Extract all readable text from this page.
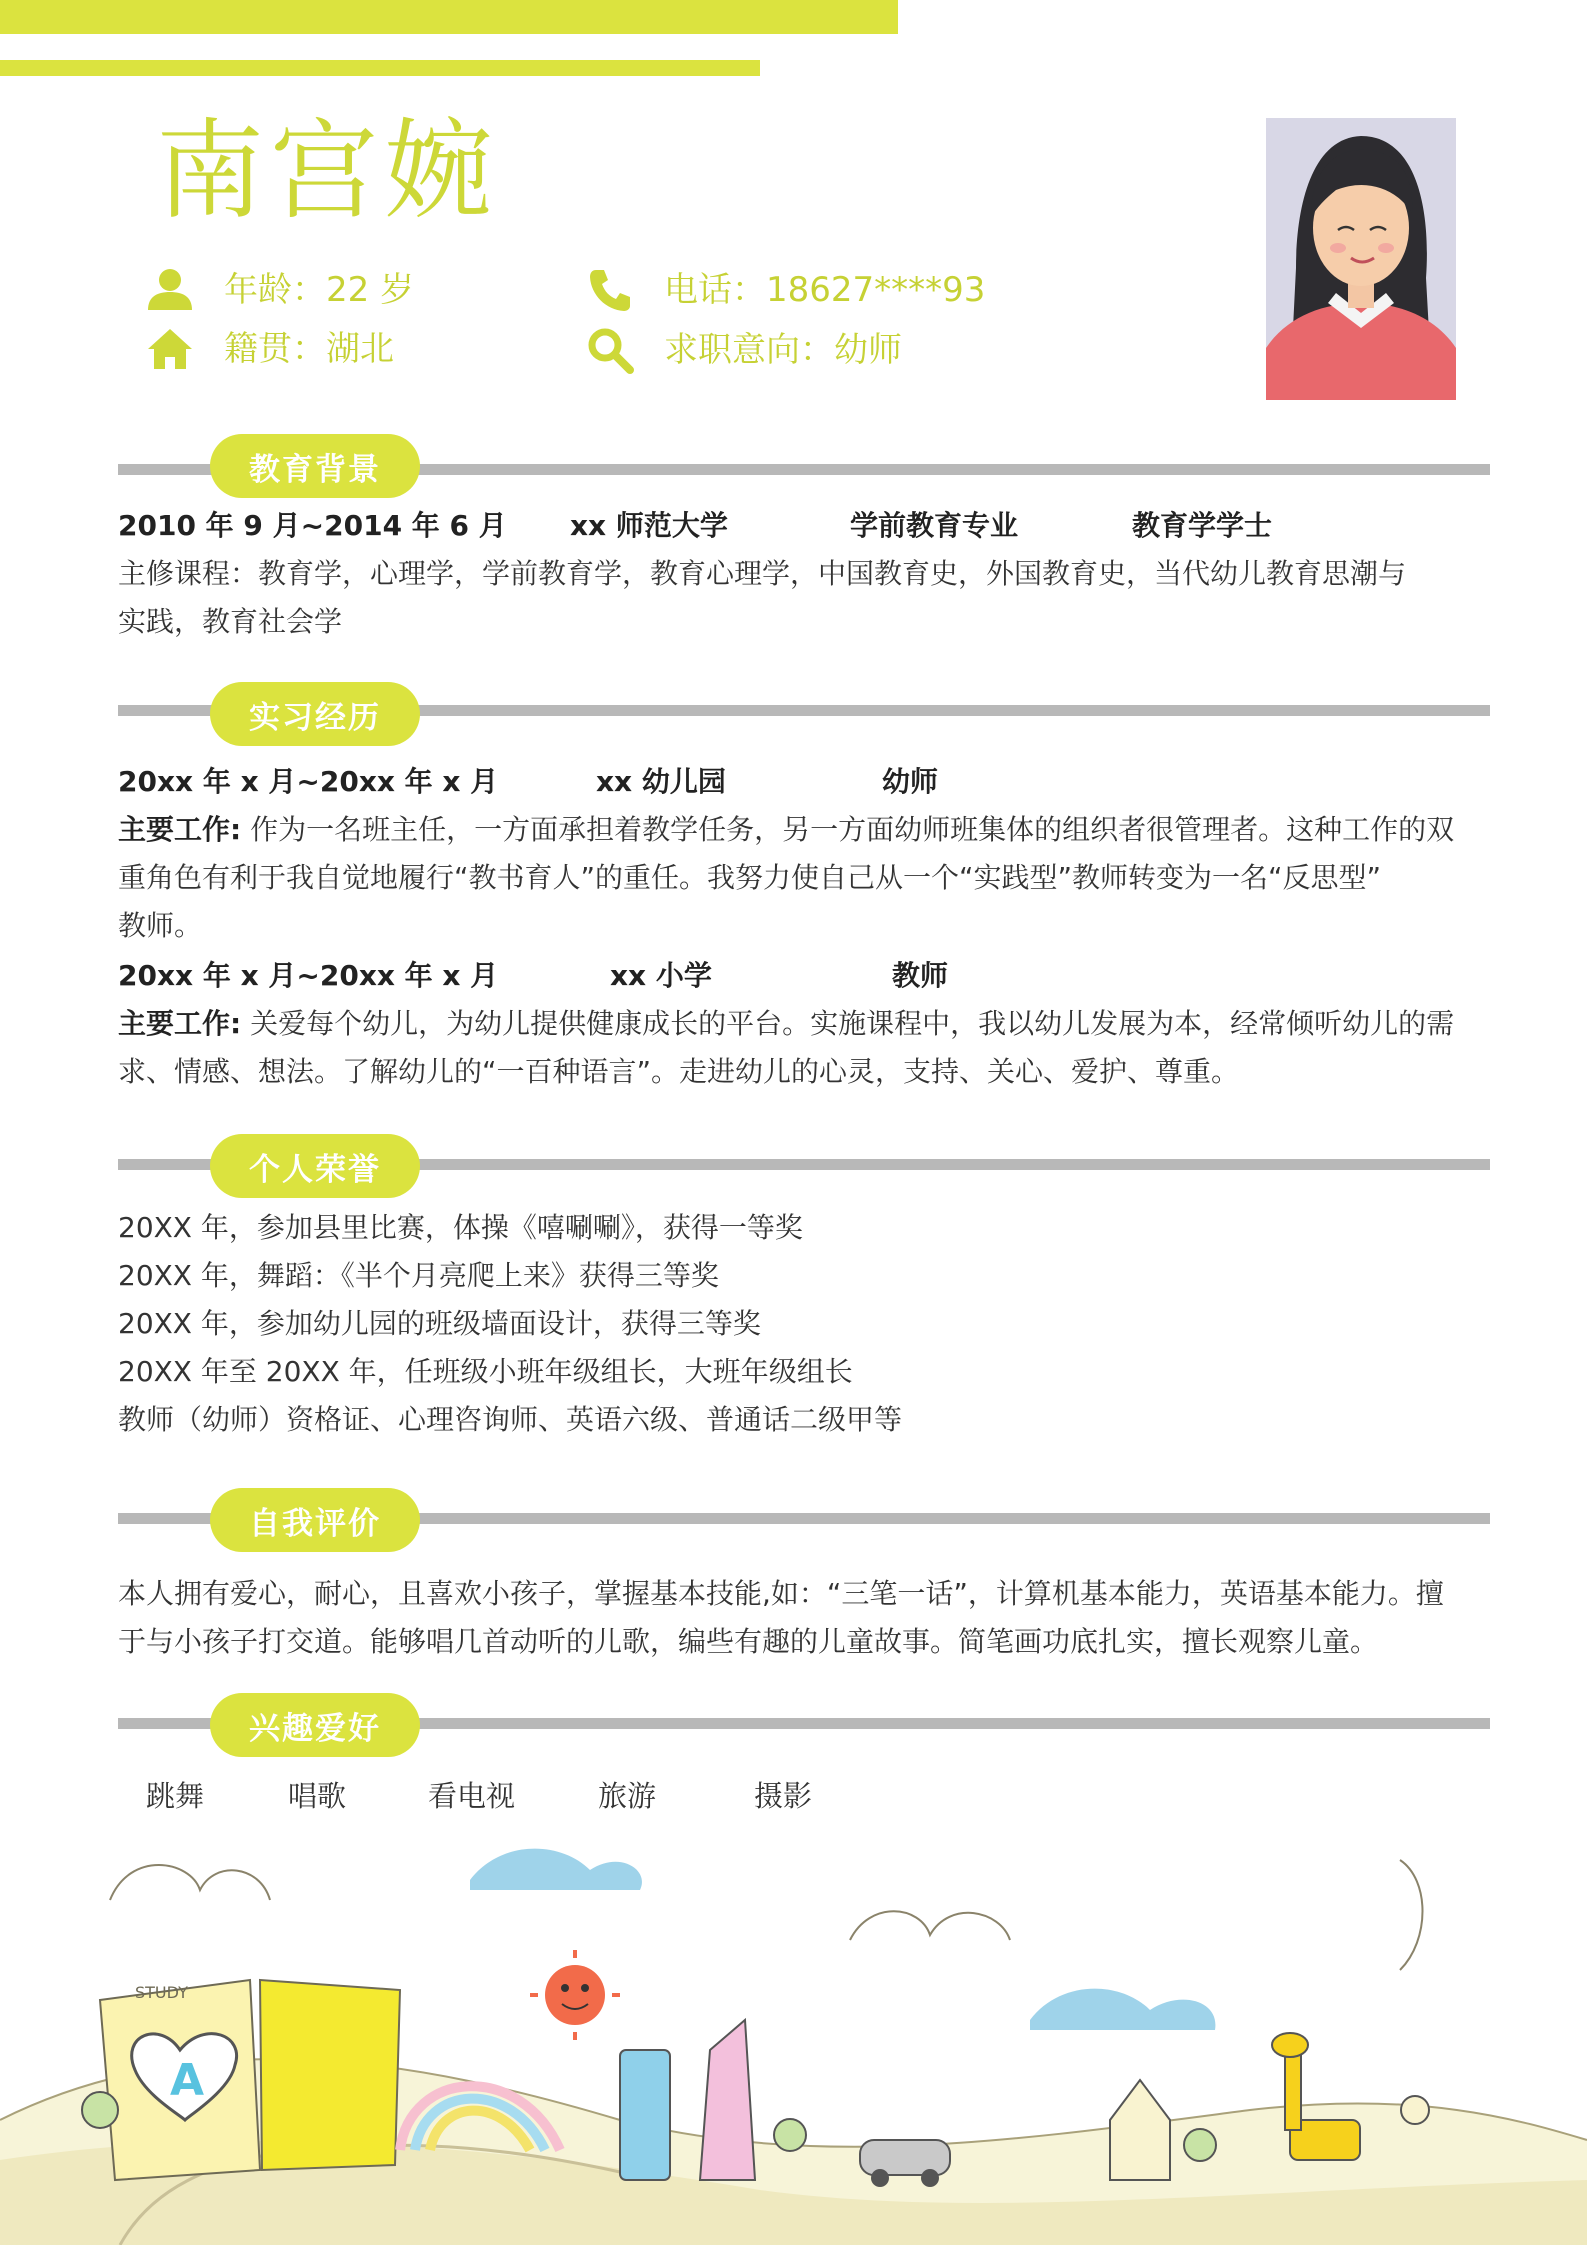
南宫婉
年龄：22 岁
籍贯：湖北
电话：18627****93
求职意向：幼师
教育背景
2010 年 9 月~2014 年 6 月 xx 师范大学	学前教育专业	教育学学士
主修课程：教育学，心理学，学前教育学，教育心理学，中国教育史，外国教育史，当代幼儿教育思潮与
实践，教育社会学
实习经历
20xx 年 x 月~20xx 年 x 月	xx 幼儿园	幼师
主要工作: 作为一名班主任，一方面承担着教学任务，另一方面幼师班集体的组织者很管理者。这种工作的双
重角色有利于我自觉地履行“教书育人”的重任。我努力使自己从一个“实践型”教师转变为一名“反思型”
教师。
20xx 年 x 月~20xx 年 x 月	xx 小学	教师
主要工作: 关爱每个幼儿，为幼儿提供健康成长的平台。实施课程中，我以幼儿发展为本，经常倾听幼儿的需
求、情感、想法。了解幼儿的“一百种语言”。走进幼儿的心灵，支持、关心、爱护、尊重。
个人荣誉
20XX 年，参加县里比赛，体操《嘻唰唰》，获得一等奖
20XX 年，舞蹈：《半个月亮爬上来》获得三等奖
20XX 年，参加幼儿园的班级墙面设计，获得三等奖
20XX 年至 20XX 年，任班级小班年级组长，大班年级组长
教师（幼师）资格证、心理咨询师、英语六级、普通话二级甲等
自我评价
本人拥有爱心，耐心，且喜欢小孩子，掌握基本技能,如：“三笔一话”，计算机基本能力，英语基本能力。擅
于与小孩子打交道。能够唱几首动听的儿歌，编些有趣的儿童故事。简笔画功底扎实，擅长观察儿童。
兴趣爱好
跳舞	唱歌	看电视	旅游	摄影
A
STUDY
